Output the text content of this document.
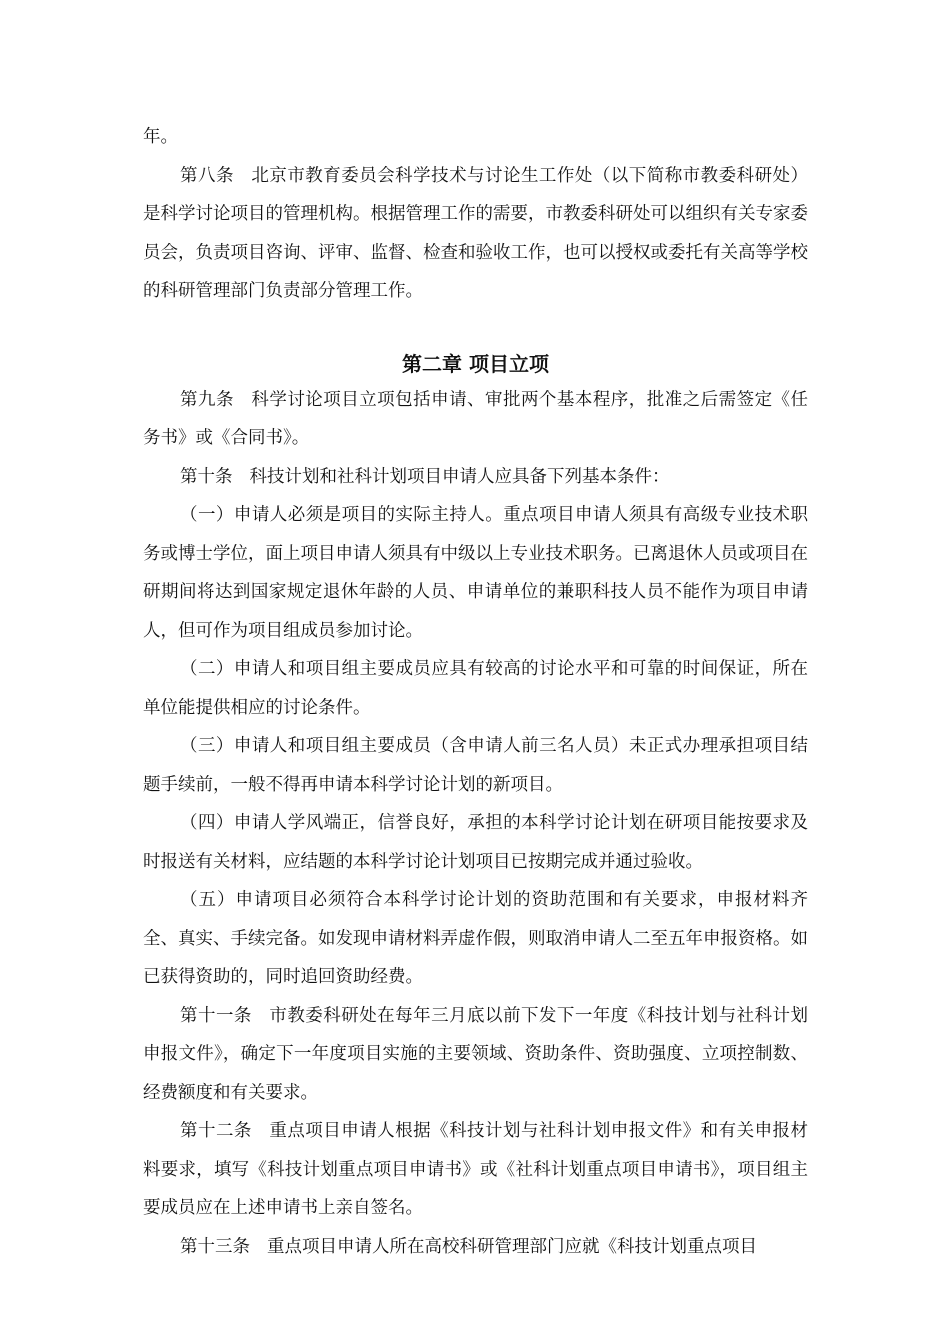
年。

第八条 北京市教育委员会科学技术与讨论生工作处（以下简称市教委科研处）是科学讨论项目的管理机构。根据管理工作的需要，市教委科研处可以组织有关专家委员会，负责项目咨询、评审、监督、检查和验收工作，也可以授权或委托有关高等学校的科研管理部门负责部分管理工作。

第二章 项目立项

第九条 科学讨论项目立项包括申请、审批两个基本程序，批准之后需签定《任务书》或《合同书》。

第十条 科技计划和社科计划项目申请人应具备下列基本条件：

（一）申请人必须是项目的实际主持人。重点项目申请人须具有高级专业技术职务或博士学位，面上项目申请人须具有中级以上专业技术职务。已离退休人员或项目在研期间将达到国家规定退休年龄的人员、申请单位的兼职科技人员不能作为项目申请人，但可作为项目组成员参加讨论。

（二）申请人和项目组主要成员应具有较高的讨论水平和可靠的时间保证，所在单位能提供相应的讨论条件。

（三）申请人和项目组主要成员（含申请人前三名人员）未正式办理承担项目结题手续前，一般不得再申请本科学讨论计划的新项目。

（四）申请人学风端正，信誉良好，承担的本科学讨论计划在研项目能按要求及时报送有关材料，应结题的本科学讨论计划项目已按期完成并通过验收。

（五）申请项目必须符合本科学讨论计划的资助范围和有关要求，申报材料齐全、真实、手续完备。如发现申请材料弄虚作假，则取消申请人二至五年申报资格。如已获得资助的，同时追回资助经费。

第十一条 市教委科研处在每年三月底以前下发下一年度《科技计划与社科计划申报文件》，确定下一年度项目实施的主要领域、资助条件、资助强度、立项控制数、经费额度和有关要求。

第十二条 重点项目申请人根据《科技计划与社科计划申报文件》和有关申报材料要求，填写《科技计划重点项目申请书》或《社科计划重点项目申请书》，项目组主要成员应在上述申请书上亲自签名。

第十三条 重点项目申请人所在高校科研管理部门应就《科技计划重点项目
